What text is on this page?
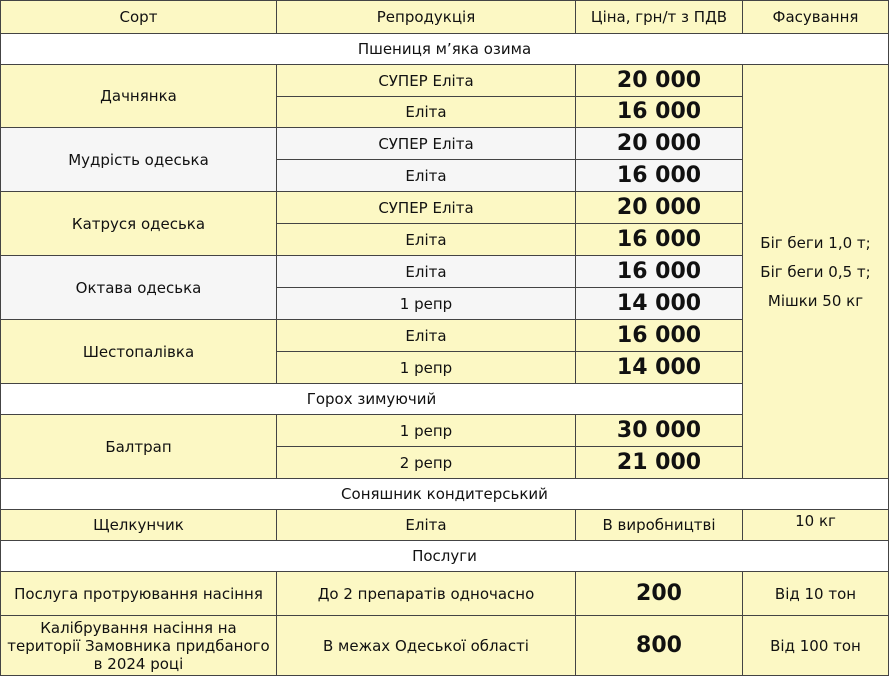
Сорт	Репродукція	Ціна, грн/т з ПДВ	Фасування
Пшениця м’яка озима			
Дачнянка	СУПЕР Еліта	20 000	Біг беги 1,0 т;
Біг беги 0,5 т;
Мішки 50 кг

	Еліта	16 000	
Мудрість одеська	СУПЕР Еліта	20 000	
	Еліта	16 000	
Катруся одеська	СУПЕР Еліта	20 000	
	Еліта	16 000	
Октава одеська	Еліта	16 000	
	1 репр	14 000	
Шестопалівка	Еліта	16 000	
	1 репр	14 000	
Горох зимуючий			
Балтрап	1 репр	30 000	
	2 репр	21 000	
Соняшник кондитерський			
Щелкунчик	Еліта	В виробництві	10 кг
Послуги			
Послуга протруювання насіння	До 2 препаратів одночасно	200	Від 10 тон
Калібрування насіння на території Замовника придбаного в 2024 році	В межах Одеської області	800	Від 100 тон
